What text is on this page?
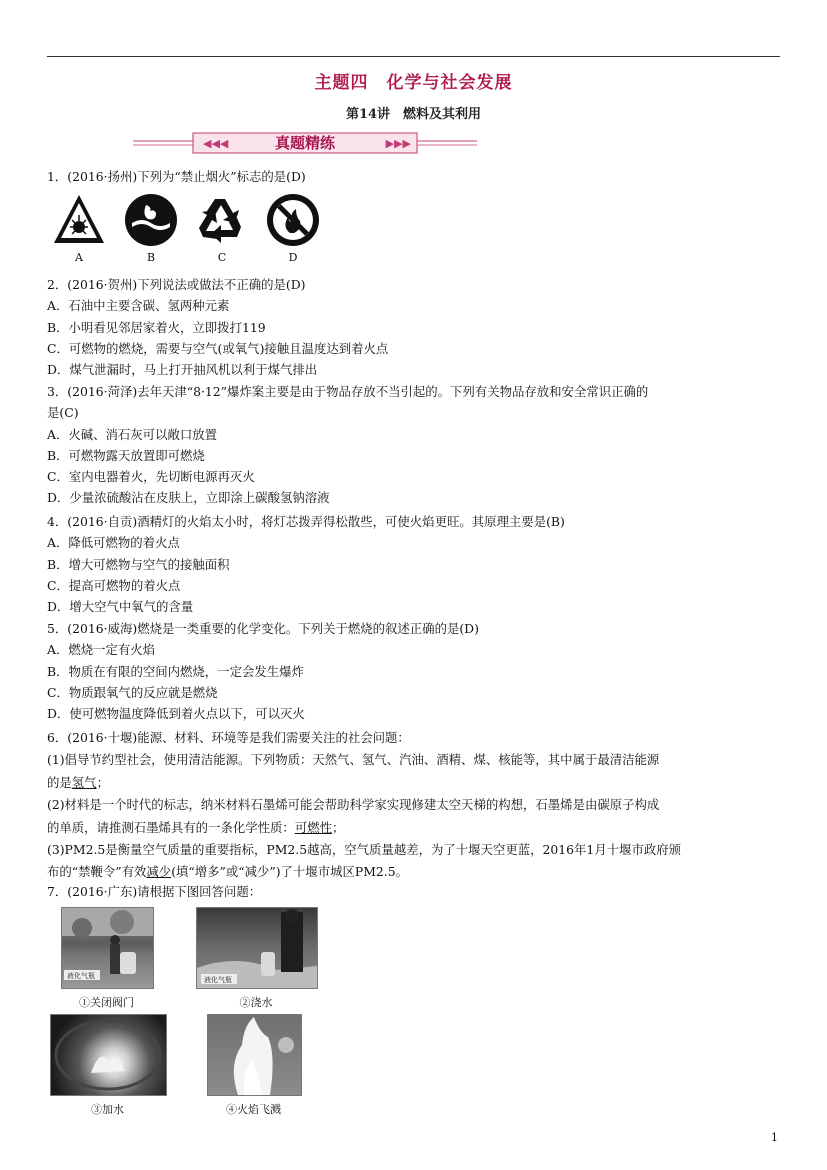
主题四　化学与社会发展
第14讲　燃料及其利用
◀◀◀	▶▶▶
真题精练
1．(2016·扬州)下列为“禁止烟火”标志的是(D)
A	B	C	D
2．(2016·贺州)下列说法或做法不正确的是(D)
A．石油中主要含碳、氢两种元素
B．小明看见邻居家着火，立即拨打119
C．可燃物的燃烧，需要与空气(或氧气)接触且温度达到着火点
D．煤气泄漏时，马上打开抽风机以利于煤气排出
3．(2016·菏泽)去年天津“8·12”爆炸案主要是由于物品存放不当引起的。下列有关物品存放和安全常识正确的
是(C)
A．火碱、消石灰可以敞口放置
B．可燃物露天放置即可燃烧
C．室内电器着火，先切断电源再灭火
D．少量浓硫酸沾在皮肤上，立即涂上碳酸氢钠溶液
4．(2016·自贡)酒精灯的火焰太小时，将灯芯拨弄得松散些，可使火焰更旺。其原理主要是(B)
A．降低可燃物的着火点
B．增大可燃物与空气的接触面积
C．提高可燃物的着火点
D．增大空气中氧气的含量
5．(2016·威海)燃烧是一类重要的化学变化。下列关于燃烧的叙述正确的是(D)
A．燃烧一定有火焰
B．物质在有限的空间内燃烧，一定会发生爆炸
C．物质跟氧气的反应就是燃烧
D．使可燃物温度降低到着火点以下，可以灭火
6．(2016·十堰)能源、材料、环境等是我们需要关注的社会问题：
(1)倡导节约型社会，使用清洁能源。下列物质：天然气、氢气、汽油、酒精、煤、核能等，其中属于最清洁能源
的是氢气；
(2)材料是一个时代的标志，纳米材料石墨烯可能会帮助科学家实现修建太空天梯的构想，石墨烯是由碳原子构成
的单质，请推测石墨烯具有的一条化学性质：可燃性；
(3)PM2.5是衡量空气质量的重要指标，PM2.5越高，空气质量越差，为了十堰天空更蓝，2016年1月十堰市政府颁
布的“禁鞭令”有效减少(填“增多”或“减少”)了十堰市城区PM2.5。
7．(2016·广东)请根据下图回答问题：
液化气瓶
①关闭阀门
液化气瓶
②浇水
③加水	④火焰飞溅
1
